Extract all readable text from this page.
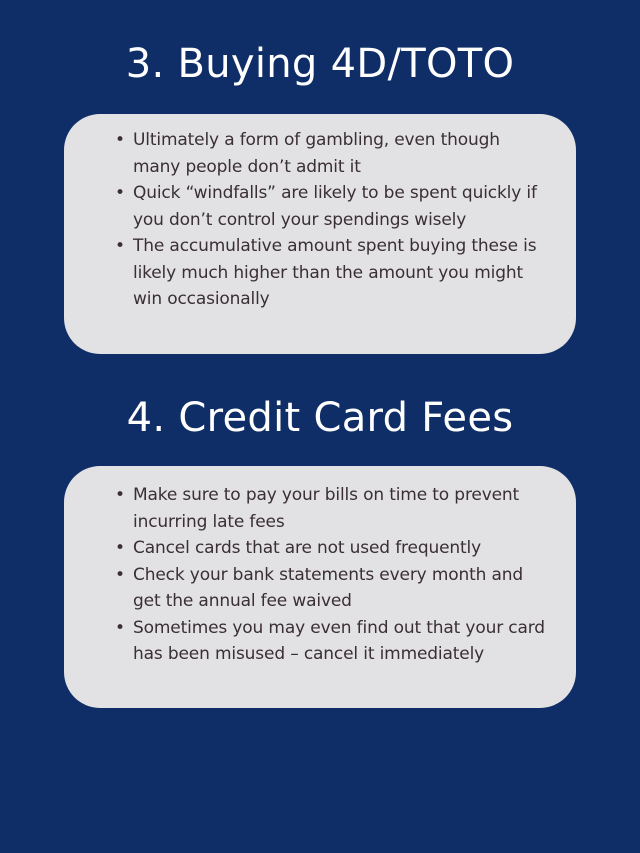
3. Buying 4D/TOTO
• Ultimately a form of gambling, even though many people don’t admit it
• Quick “windfalls” are likely to be spent quickly if you don’t control your spendings wisely
• The accumulative amount spent buying these is likely much higher than the amount you might win occasionally
4. Credit Card Fees
• Make sure to pay your bills on time to prevent incurring late fees
• Cancel cards that are not used frequently
• Check your bank statements every month and get the annual fee waived
• Sometimes you may even find out that your card has been misused – cancel it immediately
